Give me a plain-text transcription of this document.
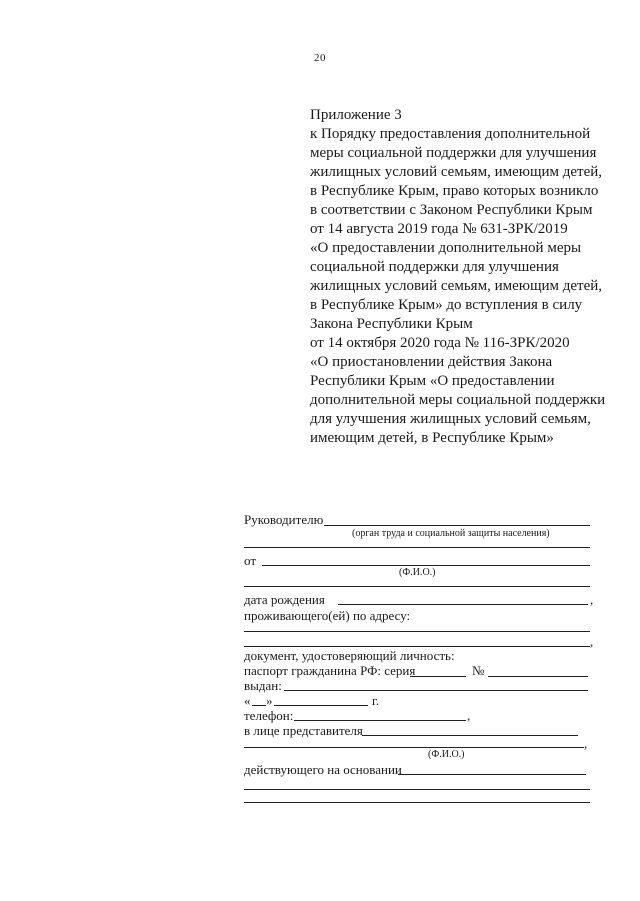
20
Приложение 3
к Порядку предоставления дополнительной
меры социальной поддержки для улучшения
жилищных условий семьям, имеющим детей,
в Республике Крым, право которых возникло
в соответствии с Законом Республики Крым
от 14 августа 2019 года № 631-ЗРК/2019
«О предоставлении дополнительной меры
социальной поддержки для улучшения
жилищных условий семьям, имеющим детей,
в Республике Крым» до вступления в силу
Закона Республики Крым
от 14 октября 2020 года № 116-ЗРК/2020
«О приостановлении действия Закона
Республики Крым «О предоставлении
дополнительной меры социальной поддержки
для улучшения жилищных условий семьям,
имеющим детей, в Республике Крым»
Руководителю
(орган труда и социальной защиты населения)
от
(Ф.И.О.)
дата рождения	,
проживающего(ей) по адресу:
,
документ, удостоверяющий личность:
паспорт гражданина РФ: серия	№
выдан:
« »	г.
телефон:	,
в лице представителя
,
(Ф.И.О.)
действующего на основании
